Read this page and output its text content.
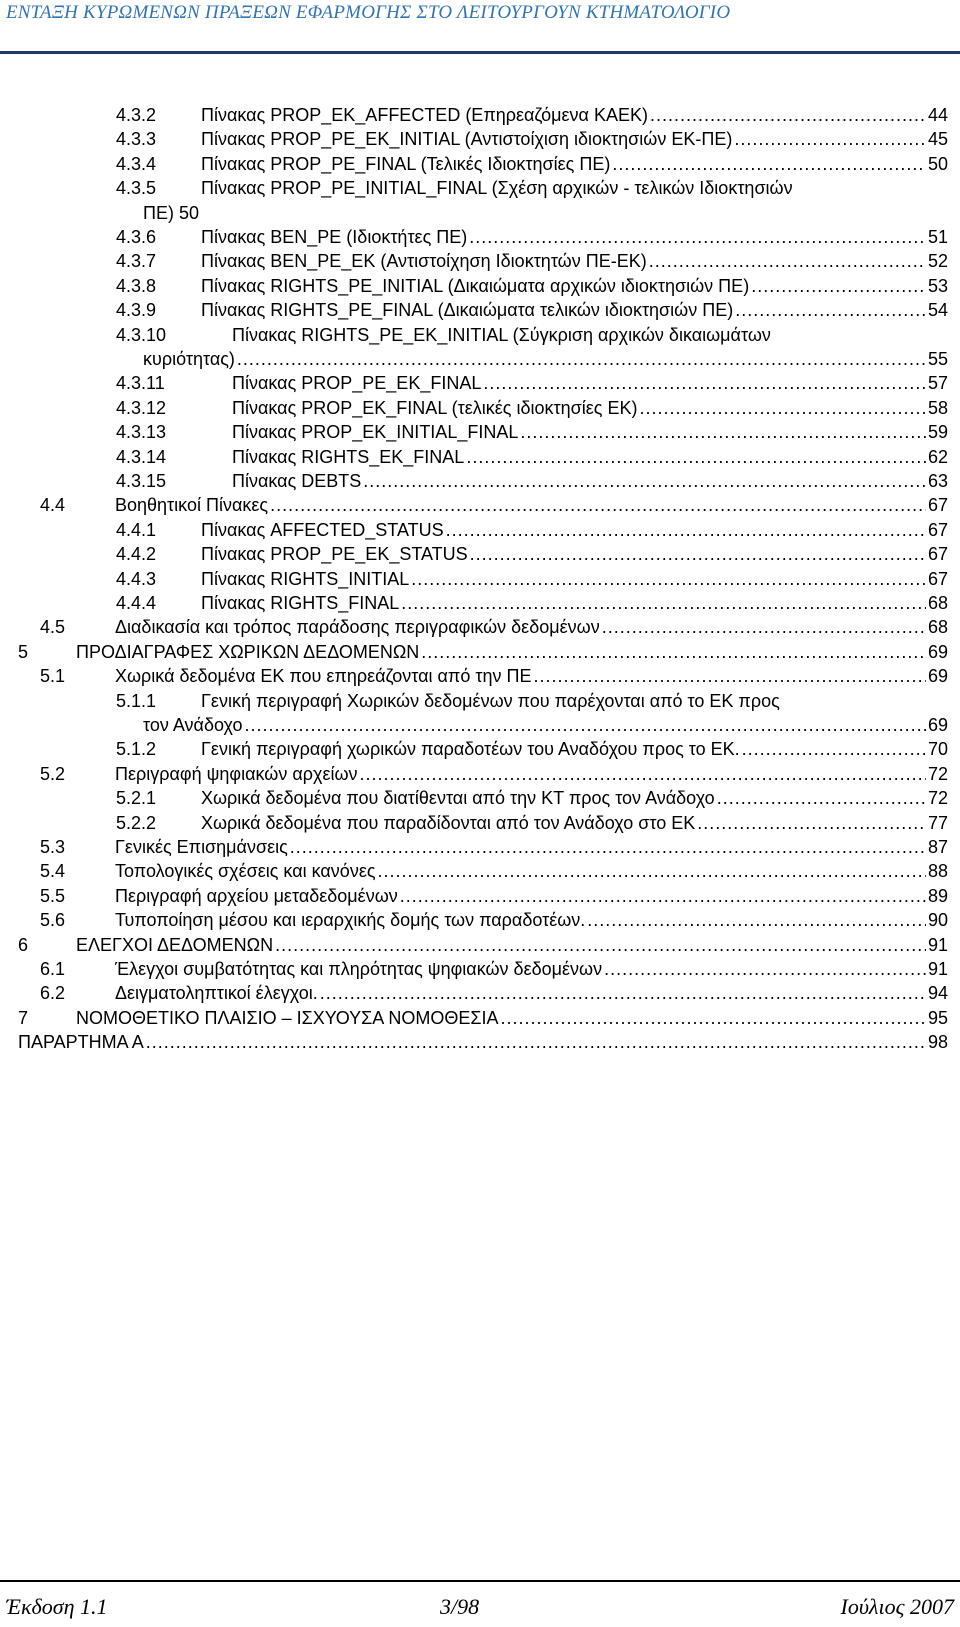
ΕΝΤΑΞΗ ΚΥΡΩΜΕΝΩΝ ΠΡΑΞΕΩΝ ΕΦΑΡΜΟΓΗΣ ΣΤΟ ΛΕΙΤΟΥΡΓΟΥΝ ΚΤΗΜΑΤΟΛΟΓΙΟ
4.3.2 Πίνακας PROP_EK_AFFECTED (Επηρεαζόμενα ΚΑΕΚ) .....	44
4.3.3 Πίνακας PROP_PE_EK_INITIAL (Αντιστοίχιση ιδιοκτησιών ΕΚ-ΠΕ) .....	45
4.3.4 Πίνακας PROP_PE_FINAL (Τελικές Ιδιοκτησίες ΠΕ) .....	50
4.3.5 Πίνακας PROP_PE_INITIAL_FINAL (Σχέση αρχικών - τελικών Ιδιοκτησιών
ΠΕ) 50
4.3.6 Πίνακας BEN_PE (Ιδιοκτήτες ΠΕ) .....	51
4.3.7 Πίνακας BEN_PE_EK (Αντιστοίχηση Ιδιοκτητών ΠΕ-ΕΚ) .....	52
4.3.8 Πίνακας RIGHTS_PE_INITIAL (Δικαιώματα αρχικών ιδιοκτησιών ΠΕ) .....	53
4.3.9 Πίνακας RIGHTS_PE_FINAL (Δικαιώματα τελικών ιδιοκτησιών ΠΕ) .....	54
4.3.10	Πίνακας RIGHTS_PE_EK_INITIAL (Σύγκριση αρχικών δικαιωμάτων
κυριότητας) .....	55
4.3.11	Πίνακας PROP_PE_EK_FINAL .....	57
4.3.12	Πίνακας PROP_EK_FINAL (τελικές ιδιοκτησίες ΕΚ) .....	58
4.3.13	Πίνακας PROP_EK_INITIAL_FINAL .....	59
4.3.14	Πίνακας RIGHTS_EK_FINAL .....	62
4.3.15	Πίνακας DEBTS .....	63
4.4	Βοηθητικοί Πίνακες .....	67
4.4.1 Πίνακας AFFECTED_STATUS .....	67
4.4.2 Πίνακας PROP_PE_EK_STATUS .....	67
4.4.3 Πίνακας RIGHTS_INITIAL .....	67
4.4.4 Πίνακας RIGHTS_FINAL .....	68
4.5	Διαδικασία και τρόπος παράδοσης περιγραφικών δεδομένων .....	68
5	ΠΡΟΔΙΑΓΡΑΦΕΣ ΧΩΡΙΚΩΝ ΔΕΔΟΜΕΝΩΝ .....	69
5.1	Χωρικά δεδομένα ΕΚ που επηρεάζονται από την ΠΕ .....	69
5.1.1 Γενική περιγραφή Χωρικών δεδομένων που παρέχονται από το ΕΚ προς
τον Ανάδοχο .....	69
5.1.2 Γενική περιγραφή χωρικών παραδοτέων του Αναδόχου προς το ΕΚ. .....	70
5.2	Περιγραφή ψηφιακών αρχείων .....	72
5.2.1 Χωρικά δεδομένα που διατίθενται από την ΚΤ προς τον Ανάδοχο .....	72
5.2.2 Χωρικά δεδομένα που παραδίδονται από τον Ανάδοχο στο ΕΚ .....	77
5.3	Γενικές Επισημάνσεις .....	87
5.4	Τοπολογικές σχέσεις και κανόνες .....	88
5.5	Περιγραφή αρχείου μεταδεδομένων .....	89
5.6	Τυποποίηση μέσου και ιεραρχικής δομής των παραδοτέων. .....	90
6	ΕΛΕΓΧΟΙ ΔΕΔΟΜΕΝΩΝ .....	91
6.1	Έλεγχοι συμβατότητας και πληρότητας ψηφιακών δεδομένων .....	91
6.2	Δειγματοληπτικοί έλεγχοι. .....	94
7	ΝΟΜΟΘΕΤΙΚΟ ΠΛΑΙΣΙΟ – ΙΣΧΥΟΥΣΑ ΝΟΜΟΘΕΣΙΑ .....	95
ΠΑΡΑΡΤΗΜΑ Α .....	98
Έκδοση 1.1	3/98	Ιούλιος 2007
